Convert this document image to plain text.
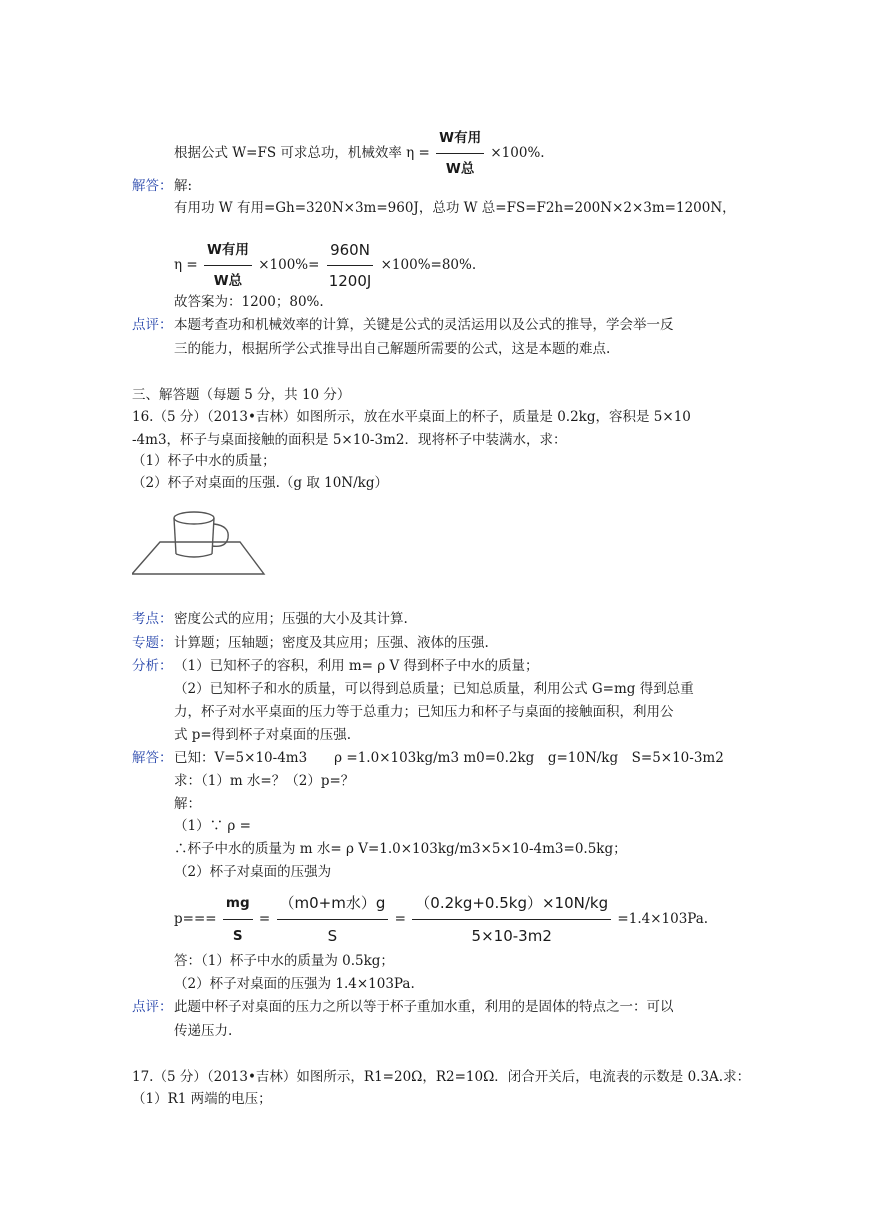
根据公式 W=FS 可求总功，机械效率 $\eta = \frac{\text{W有用}}{\text{W总}} \times 100\%$.
解答： 解:
有用功 W 有用=Gh=320N×3m=960J，总功 W 总=FS=F2h=200N×2×3m=1200N，
$\eta = \frac{\text{W有用}}{\text{W总}} \times 100\%= \frac{960N}{1200J} \times 100\%=80\%$.
故答案为：1200；80%.
点评： 本题考查功和机械效率的计算，关键是公式的灵活运用以及公式的推导，学会举一反
三的能力，根据所学公式推导出自己解题所需要的公式，这是本题的难点.
三、解答题（每题 5 分，共 10 分）
16.（5 分）（2013•吉林）如图所示，放在水平桌面上的杯子，质量是 0.2kg，容积是 5×10
-4m3，杯子与桌面接触的面积是 5×10-3m2．现将杯子中装满水，求：
（1）杯子中水的质量；
（2）杯子对桌面的压强.（g 取 10N/kg）
考点： 密度公式的应用；压强的大小及其计算.
专题： 计算题；压轴题；密度及其应用；压强、液体的压强.
分析： （1）已知杯子的容积，利用 m= ρ V 得到杯子中水的质量；
（2）已知杯子和水的质量，可以得到总质量；已知总质量，利用公式 G=mg 得到总重
力，杯子对水平桌面的压力等于总重力；已知压力和杯子与桌面的接触面积，利用公
式 p=得到杯子对桌面的压强.
解答： 已知：V=5×10-4m3　　ρ =1.0×103kg/m3 m0=0.2kg　g=10N/kg　S=5×10-3m2
求：（1）m 水=？（2）p=？
解：
（1）∵ ρ =
∴杯子中水的质量为 m 水= ρ V=1.0×103kg/m3×5×10-4m3=0.5kg；
（2）杯子对桌面的压强为
$p=== \frac{mg}{S} = \frac{\text{（m0+m水）g}}{S} = \frac{(0.2kg+0.5kg)\times 10N/kg}{5\times 10-3m2} =1.4\times 103Pa$.
答：（1）杯子中水的质量为 0.5kg；
（2）杯子对桌面的压强为 1.4×103Pa.
点评： 此题中杯子对桌面的压力之所以等于杯子重加水重，利用的是固体的特点之一：可以
传递压力.
17.（5 分）（2013•吉林）如图所示，R1=20Ω，R2=10Ω．闭合开关后，电流表的示数是 0.3A.求：
（1）R1 两端的电压；
